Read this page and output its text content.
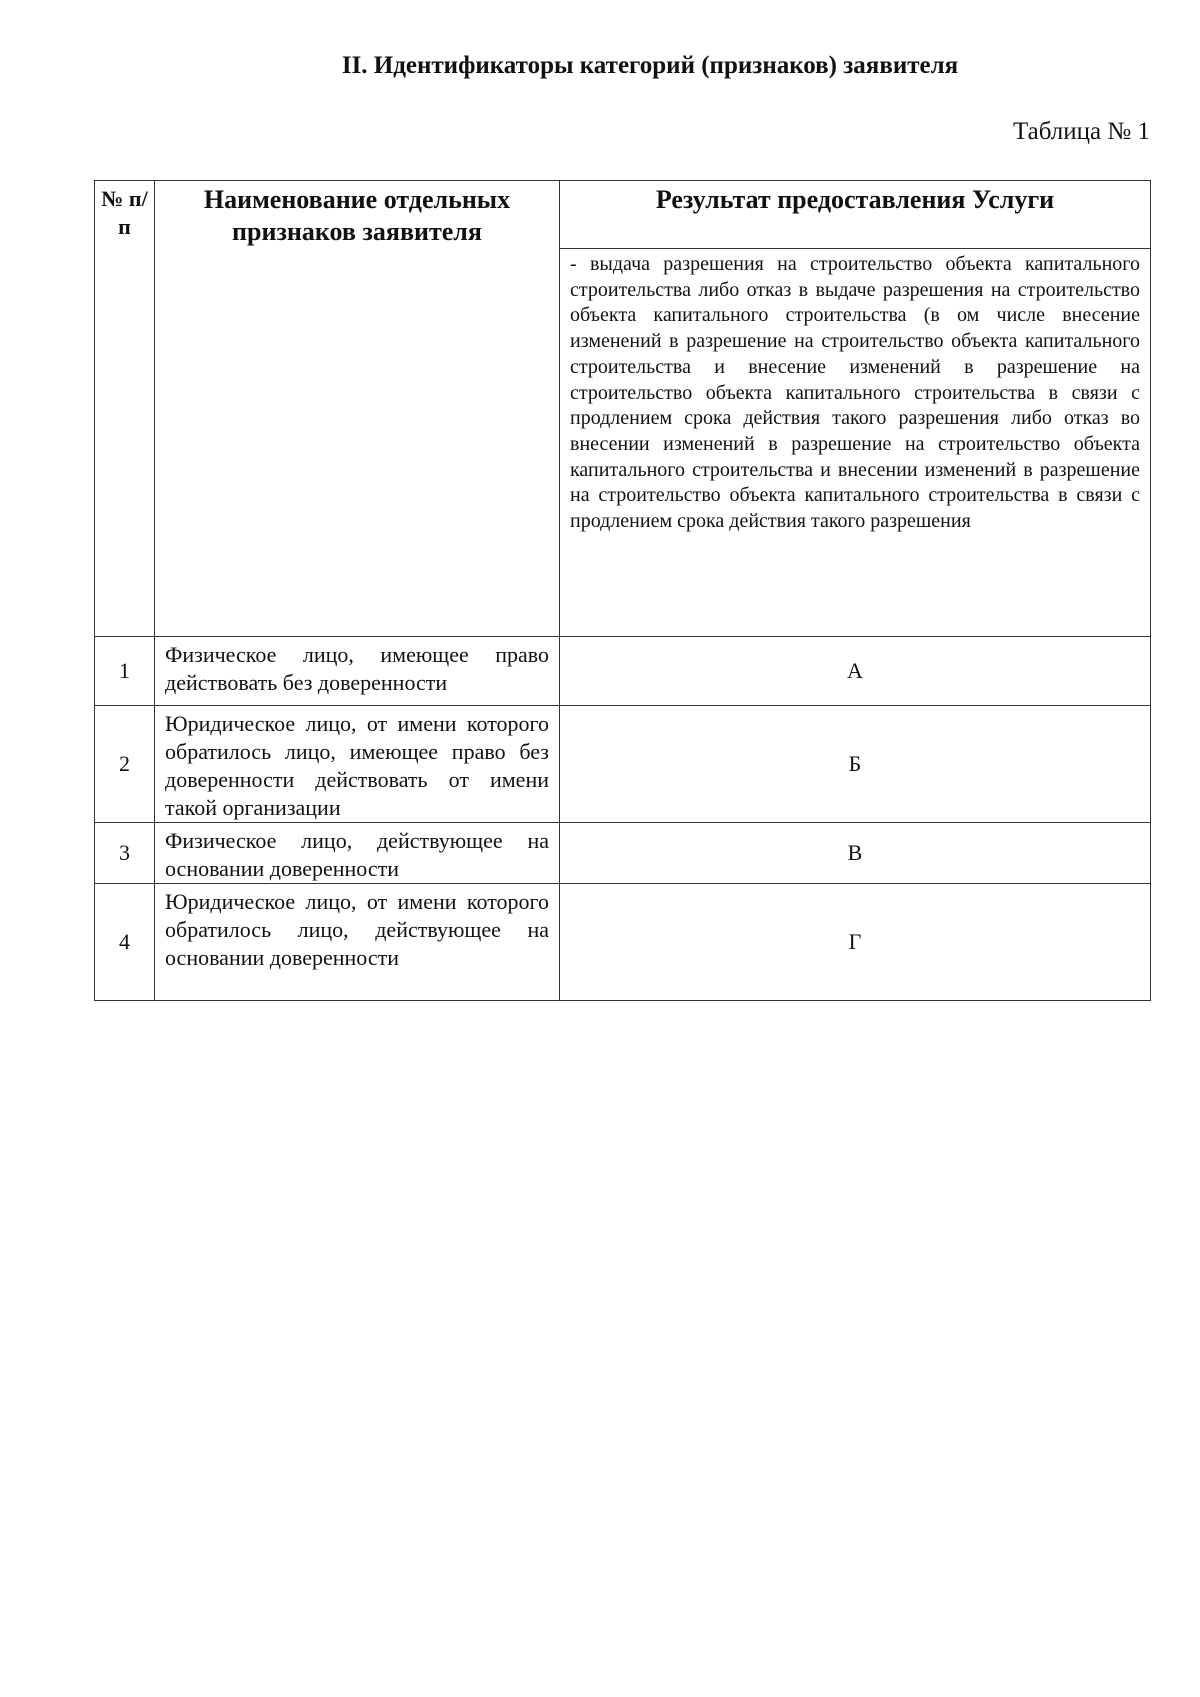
II. Идентификаторы категорий (признаков) заявителя

Таблица № 1

№ п/п	Наименование отдельных признаков заявителя	Результат предоставления Услуги
		- выдача разрешения на строительство объекта капитального строительства либо отказ в выдаче разрешения на строительство объекта капитального строительства (в ом числе внесение изменений в разрешение на строительство объекта капитального строительства и внесение изменений в разрешение на строительство объекта капитального строительства в связи с продлением срока действия такого разрешения либо отказ во внесении изменений в разрешение на строительство объекта капитального строительства и внесении изменений в разрешение на строительство объекта капитального строительства в связи с продлением срока действия такого разрешения
1	Физическое лицо, имеющее право действовать без доверенности	А
2	Юридическое лицо, от имени которого обратилось лицо, имеющее право без доверенности действовать от имени такой организации	Б
3	Физическое лицо, действующее на основании доверенности	В
4	Юридическое лицо, от имени которого обратилось лицо, действующее на основании доверенности	Г
